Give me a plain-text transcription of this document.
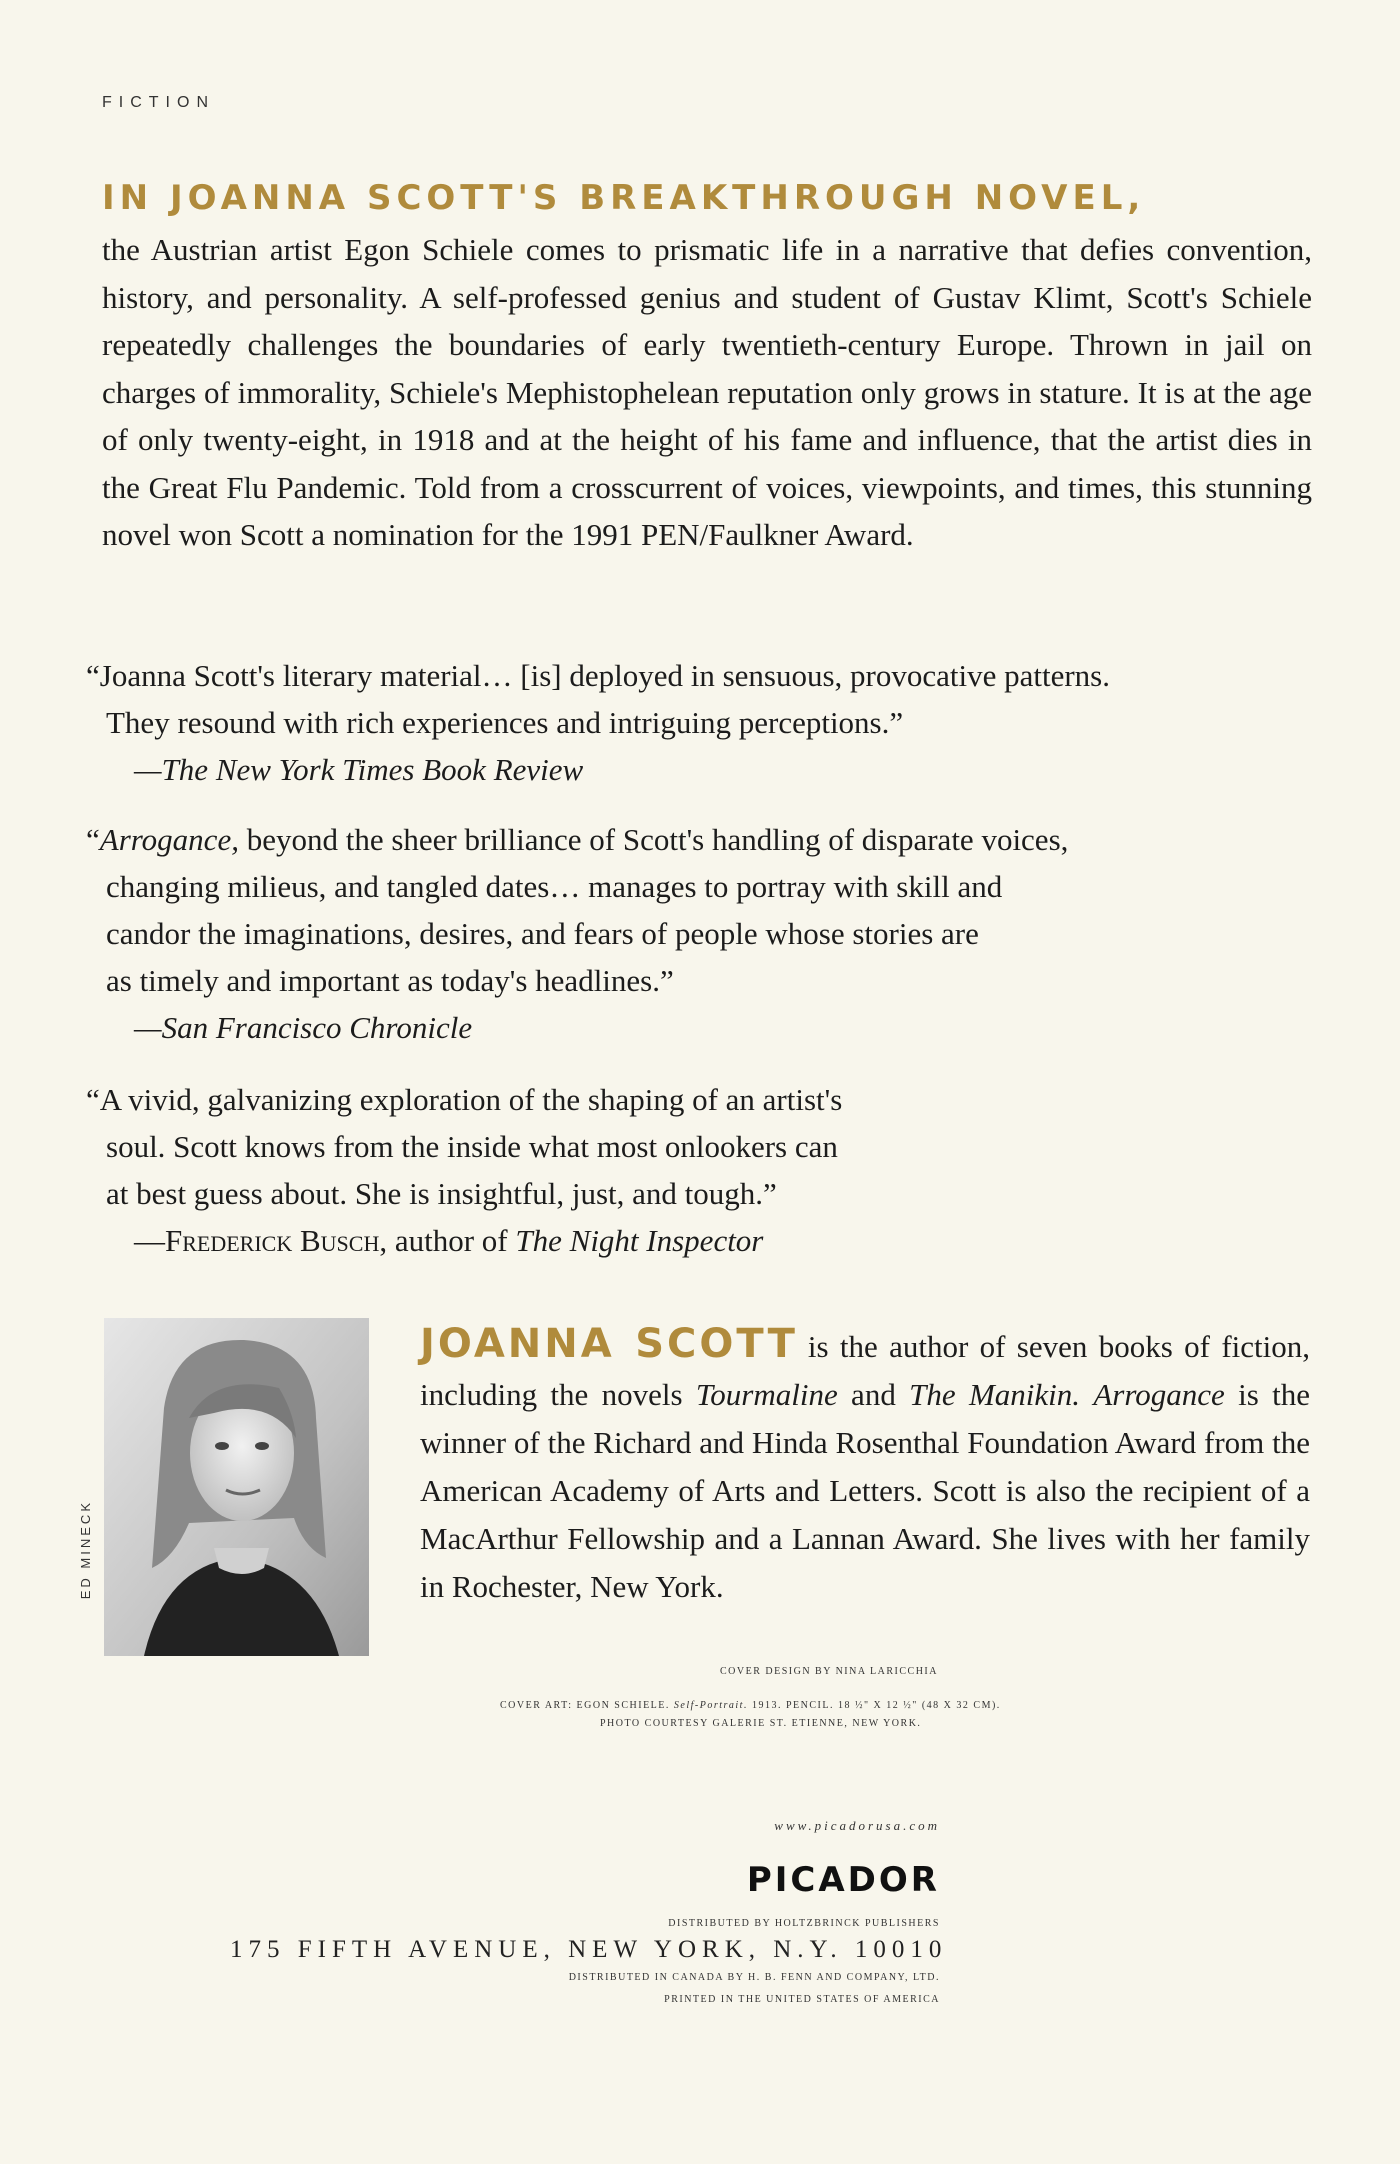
FICTION
IN JOANNA SCOTT'S BREAKTHROUGH NOVEL,
the Austrian artist Egon Schiele comes to prismatic life in a narrative that defies convention, history, and personality. A self-professed genius and student of Gustav Klimt, Scott's Schiele repeatedly challenges the boundaries of early twentieth-century Europe. Thrown in jail on charges of immorality, Schiele's Mephistophelean reputation only grows in stature. It is at the age of only twenty-eight, in 1918 and at the height of his fame and influence, that the artist dies in the Great Flu Pandemic. Told from a crosscurrent of voices, viewpoints, and times, this stunning novel won Scott a nomination for the 1991 PEN/Faulkner Award.
“Joanna Scott's literary material… [is] deployed in sensuous, provocative patterns.
They resound with rich experiences and intriguing perceptions.”
—The New York Times Book Review
“Arrogance, beyond the sheer brilliance of Scott's handling of disparate voices,
changing milieus, and tangled dates… manages to portray with skill and
candor the imaginations, desires, and fears of people whose stories are
as timely and important as today's headlines.”
—San Francisco Chronicle
“A vivid, galvanizing exploration of the shaping of an artist's
soul. Scott knows from the inside what most onlookers can
at best guess about. She is insightful, just, and tough.”
—Frederick Busch, author of The Night Inspector
ED MINECK
JOANNA SCOTT is the author of seven books of fiction, including the novels Tourmaline and The Manikin. Arrogance is the winner of the Richard and Hinda Rosenthal Foundation Award from the American Academy of Arts and Letters. Scott is also the recipient of a MacArthur Fellowship and a Lannan Award. She lives with her family in Rochester, New York.
COVER DESIGN BY NINA LARICCHIA
COVER ART: EGON SCHIELE. Self-Portrait. 1913. PENCIL. 18 ½" X 12 ½" (48 X 32 CM).
PHOTO COURTESY GALERIE ST. ETIENNE, NEW YORK.
www.picadorusa.com
PICADOR
DISTRIBUTED BY HOLTZBRINCK PUBLISHERS
175 FIFTH AVENUE, NEW YORK, N.Y. 10010
DISTRIBUTED IN CANADA BY H. B. FENN AND COMPANY, LTD.
PRINTED IN THE UNITED STATES OF AMERICA
